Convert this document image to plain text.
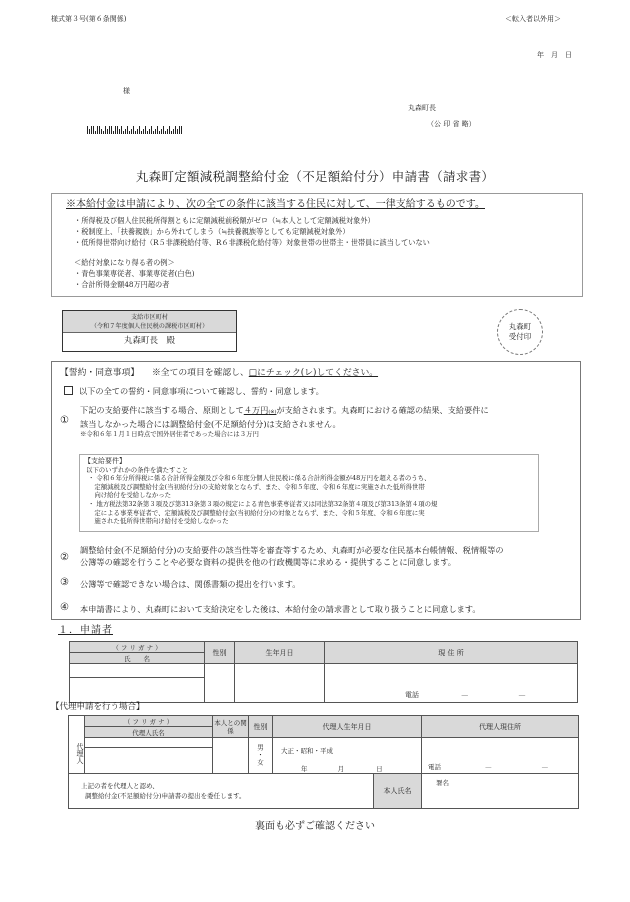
様式第３号(第６条関係)	＜転入者以外用＞
年　月　日
様
丸森町長
（公 印 省 略）
丸森町定額減税調整給付金（不足額給付分）申請書（請求書）
※本給付金は申請により、次の全ての条件に該当する住民に対して、一律支給するものです。
・所得税及び個人住民税所得割ともに定額減税前税額がゼロ（≒本人として定額減税対象外）
・税制度上、「扶養親族」から外れてしまう（≒扶養親族等としても定額減税対象外）
・低所得世帯向け給付（R５非課税給付等、R６非課税化給付等）対象世帯の世帯主・世帯員に該当していない
＜給付対象になり得る者の例＞
・青色事業専従者、事業専従者(白色)
・合計所得金額48万円超の者
支給市区町村
（令和７年度個人住民税の課税市区町村）
丸森町長　殿
丸森町
受付印
【誓約・同意事項】 ※全ての項目を確認し、□にチェック(レ)してください。
以下の全ての誓約・同意事項について確認し、誓約・同意します。
①
下記の支給要件に該当する場合、原則として４万円(※)が支給されます。丸森町における確認の結果、支給要件に
該当しなかった場合には調整給付金(不足額給付分)は支給されません。
※令和６年１月１日時点で国外居住者であった場合には３万円
【支給要件】
以下のいずれかの条件を満たすこと
・ 令和６年分所得税に係る合計所得金額及び令和６年度分個人住民税に係る合計所得金額が48万円を超える者のうち、
　定額減税及び調整給付金(当初給付分)の支給対象とならず、また、令和５年度、令和６年度に実施された低所得世帯
　向け給付を受給しなかった
・ 地方税法第32条第３項及び第313条第３項の規定による青色事業専従者又は同法第32条第４項及び第313条第４項の規
　定による事業専従者で、定額減税及び調整給付金(当初給付分)の対象とならず、また、令和５年度、令和６年度に実
　施された低所得世帯向け給付を受給しなかった
②
調整給付金(不足額給付分)の支給要件の該当性等を審査等するため、丸森町が必要な住民基本台帳情報、税情報等の
公簿等の確認を行うことや必要な資料の提供を他の行政機関等に求める・提供することに同意します。
③ 公簿等で確認できない場合は、関係書類の提出を行います。
④ 本申請書により、丸森町において支給決定をした後は、本給付金の請求書として取り扱うことに同意します。
１．申請者
（ フ リ ガ ナ ）	性別	生年月日	現 住 所
氏　　名			
			電話 — —

【代理申請を行う場合】
代理人	（ フ リ ガ ナ ）	本人との関係	性別	代理人生年月日		代理人現住所
	代理人氏名					
			男・女	大正・昭和・平成
年 月 日		電話 — —

上記の者を代理人と認め、
調整給付金(不足額給付分)申請書の提出を委任します。					本人氏名	署名
裏面も必ずご確認ください
